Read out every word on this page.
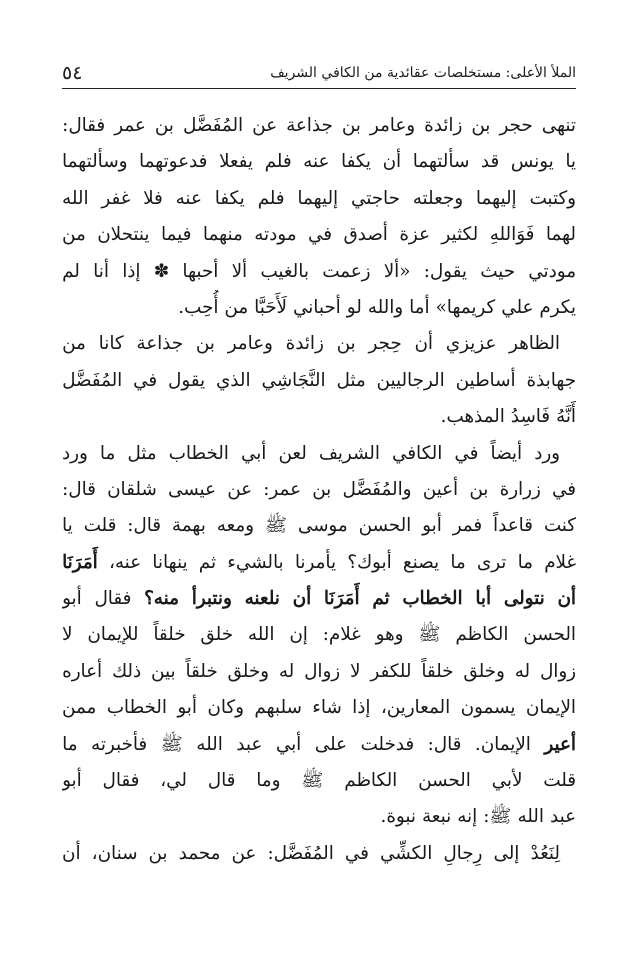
الملأ الأعلى: مستخلصات عقائدية من الكافي الشريف
٥٤
تنهى
حجر
بن
زائدة
وعامر
بن
جذاعة
عن
المُفَضَّل
بن
عمر
فقال:
يا
يونس
قد
سألتهما
أن
يكفا
عنه
فلم
يفعلا
فدعوتهما
وسألتهما
وكتبت
إليهما
وجعلته
حاجتي
إليهما
فلم
يكفا
عنه
فلا
غفر
الله
لهما
فَوَاللهِ
لكثير
عزة
أصدق
في
مودته
منهما
فيما
ينتحلان
من
مودتي
حيث
يقول:
«ألا
زعمت
بالغيب
ألا
أحبها
✽
إذا
أنا
لم
يكرم
علي
كريمها»
أما
والله
لو
أحباني
لَأَحَبَّا
من
أُحِب.
الظاهر
عزيزي
أن
حِجر
بن
زائدة
وعامر
بن
جذاعة
كانا
من
جهابذة
أساطين
الرجاليين
مثل
النَّجَاشِي
الذي
يقول
في
المُفَضَّل
أَنَّهُ
فَاسِدُ
المذهب.
ورد
أيضاً
في
الكافي
الشريف
لعن
أبي
الخطاب
مثل
ما
ورد
في
زرارة
بن
أعين
والمُفَضَّل
بن
عمر:
عن
عيسى
شلقان
قال:
كنت
قاعداً
فمر
أبو
الحسن
موسى
ﷺ
ومعه
بهمة
قال:
قلت
يا
غلام
ما
ترى
ما
يصنع
أبوك؟
يأمرنا
بالشيء
ثم
ينهانا
عنه،
أَمَرَنَا
أن
نتولى
أبا
الخطاب
ثم
أَمَرَنَا
أن
نلعنه
ونتبرأ
منه؟
فقال
أبو
الحسن
الكاظم
ﷺ
وهو
غلام:
إن
الله
خلق
خلقاً
للإيمان
لا
زوال
له
وخلق
خلقاً
للكفر
لا
زوال
له
وخلق
خلقاً
بين
ذلك
أعاره
الإيمان
يسمون
المعارين،
إذا
شاء
سلبهم
وكان
أبو
الخطاب
ممن
أعير
الإيمان.
قال:
فدخلت
على
أبي
عبد
الله
ﷺ
فأخبرته
ما
قلت
لأبي
الحسن
الكاظم
ﷺ
وما
قال
لي،
فقال
أبو
عبد
الله
ﷺ:
إنه
نبعة
نبوة.
لِنَعُدْ
إلى
رِجالِ
الكشِّي
في
المُفَضَّل:
عن
محمد
بن
سنان،
أن
